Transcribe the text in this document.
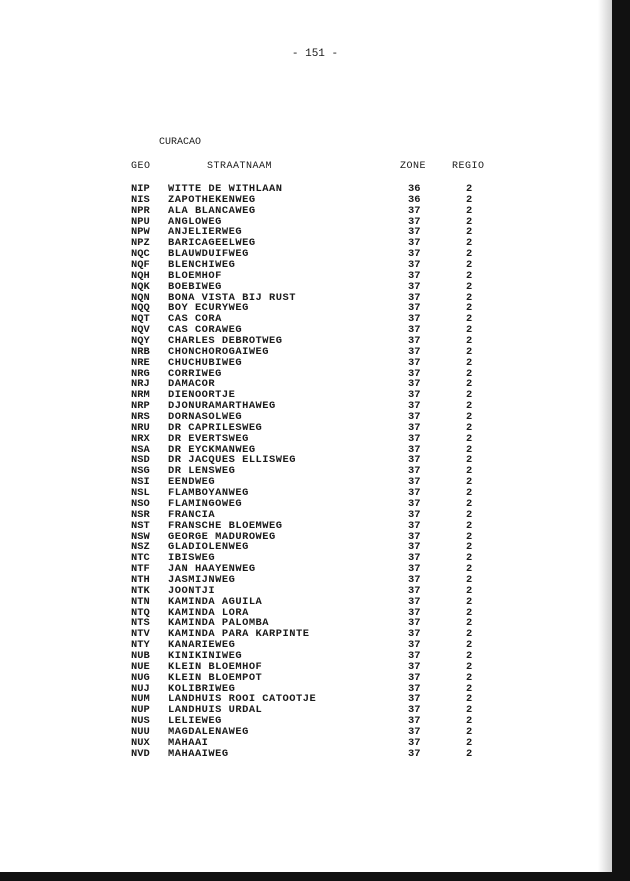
- 151 -
CURACAO
GEO	STRAATNAAM	ZONE	REGIO
NIP WITTE DE WITHLAAN	36	2
NIS ZAPOTHEKENWEG	36	2
NPR ALA BLANCAWEG	37	2
NPU ANGLOWEG	37	2
NPW ANJELIERWEG	37	2
NPZ BARICAGEELWEG	37	2
NQC BLAUWDUIFWEG	37	2
NQF BLENCHIWEG	37	2
NQH BLOEMHOF	37	2
NQK BOEBIWEG	37	2
NQN BONA VISTA BIJ RUST	37	2
NQQ BOY ECURYWEG	37	2
NQT CAS CORA	37	2
NQV CAS CORAWEG	37	2
NQY CHARLES DEBROTWEG	37	2
NRB CHONCHOROGAIWEG	37	2
NRE CHUCHUBIWEG	37	2
NRG CORRIWEG	37	2
NRJ DAMACOR	37	2
NRM DIENOORTJE	37	2
NRP DJONURAMARTHAWEG	37	2
NRS DORNASOLWEG	37	2
NRU DR CAPRILESWEG	37	2
NRX DR EVERTSWEG	37	2
NSA DR EYCKMANWEG	37	2
NSD DR JACQUES ELLISWEG	37	2
NSG DR LENSWEG	37	2
NSI EENDWEG	37	2
NSL FLAMBOYANWEG	37	2
NSO FLAMINGOWEG	37	2
NSR FRANCIA	37	2
NST FRANSCHE BLOEMWEG	37	2
NSW GEORGE MADUROWEG	37	2
NSZ GLADIOLENWEG	37	2
NTC IBISWEG	37	2
NTF JAN HAAYENWEG	37	2
NTH JASMIJNWEG	37	2
NTK JOONTJI	37	2
NTN KAMINDA AGUILA	37	2
NTQ KAMINDA LORA	37	2
NTS KAMINDA PALOMBA	37	2
NTV KAMINDA PARA KARPINTE	37	2
NTY KANARIEWEG	37	2
NUB KINIKINIWEG	37	2
NUE KLEIN BLOEMHOF	37	2
NUG KLEIN BLOEMPOT	37	2
NUJ KOLIBRIWEG	37	2
NUM LANDHUIS ROOI CATOOTJE	37	2
NUP LANDHUIS URDAL	37	2
NUS LELIEWEG	37	2
NUU MAGDALENAWEG	37	2
NUX MAHAAI	37	2
NVD MAHAAIWEG	37	2
